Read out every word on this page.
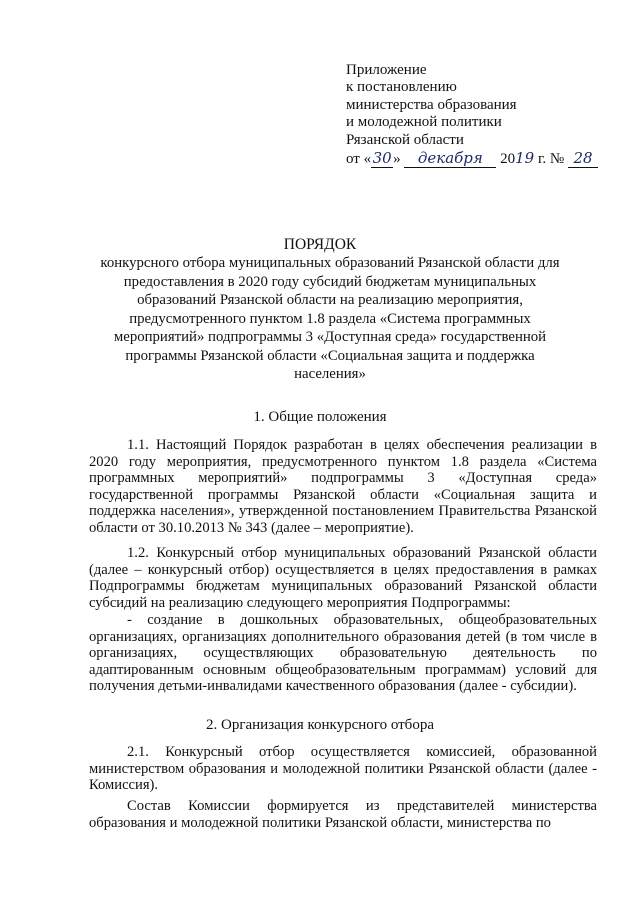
Приложение
к постановлению
министерства образования
и молодежной политики
Рязанской области
от «30» декабря 2019 г. № 28
ПОРЯДОК
конкурсного отбора муниципальных образований Рязанской области для предоставления в 2020 году субсидий бюджетам муниципальных образований Рязанской области на реализацию мероприятия, предусмотренного пунктом 1.8 раздела «Система программных мероприятий» подпрограммы 3 «Доступная среда» государственной программы Рязанской области «Социальная защита и поддержка населения»
1. Общие положения
1.1. Настоящий Порядок разработан в целях обеспечения реализации в 2020 году мероприятия, предусмотренного пунктом 1.8 раздела «Система программных мероприятий» подпрограммы 3 «Доступная среда» государственной программы Рязанской области «Социальная защита и поддержка населения», утвержденной постановлением Правительства Рязанской области от 30.10.2013 № 343 (далее – мероприятие).
1.2. Конкурсный отбор муниципальных образований Рязанской области (далее – конкурсный отбор) осуществляется в целях предоставления в рамках Подпрограммы бюджетам муниципальных образований Рязанской области субсидий на реализацию следующего мероприятия Подпрограммы:
- создание в дошкольных образовательных, общеобразовательных организациях, организациях дополнительного образования детей (в том числе в организациях, осуществляющих образовательную деятельность по адаптированным основным общеобразовательным программам) условий для получения детьми-инвалидами качественного образования (далее - субсидии).
2. Организация конкурсного отбора
2.1. Конкурсный отбор осуществляется комиссией, образованной министерством образования и молодежной политики Рязанской области (далее - Комиссия).
Состав Комиссии формируется из представителей министерства образования и молодежной политики Рязанской области, министерства по
